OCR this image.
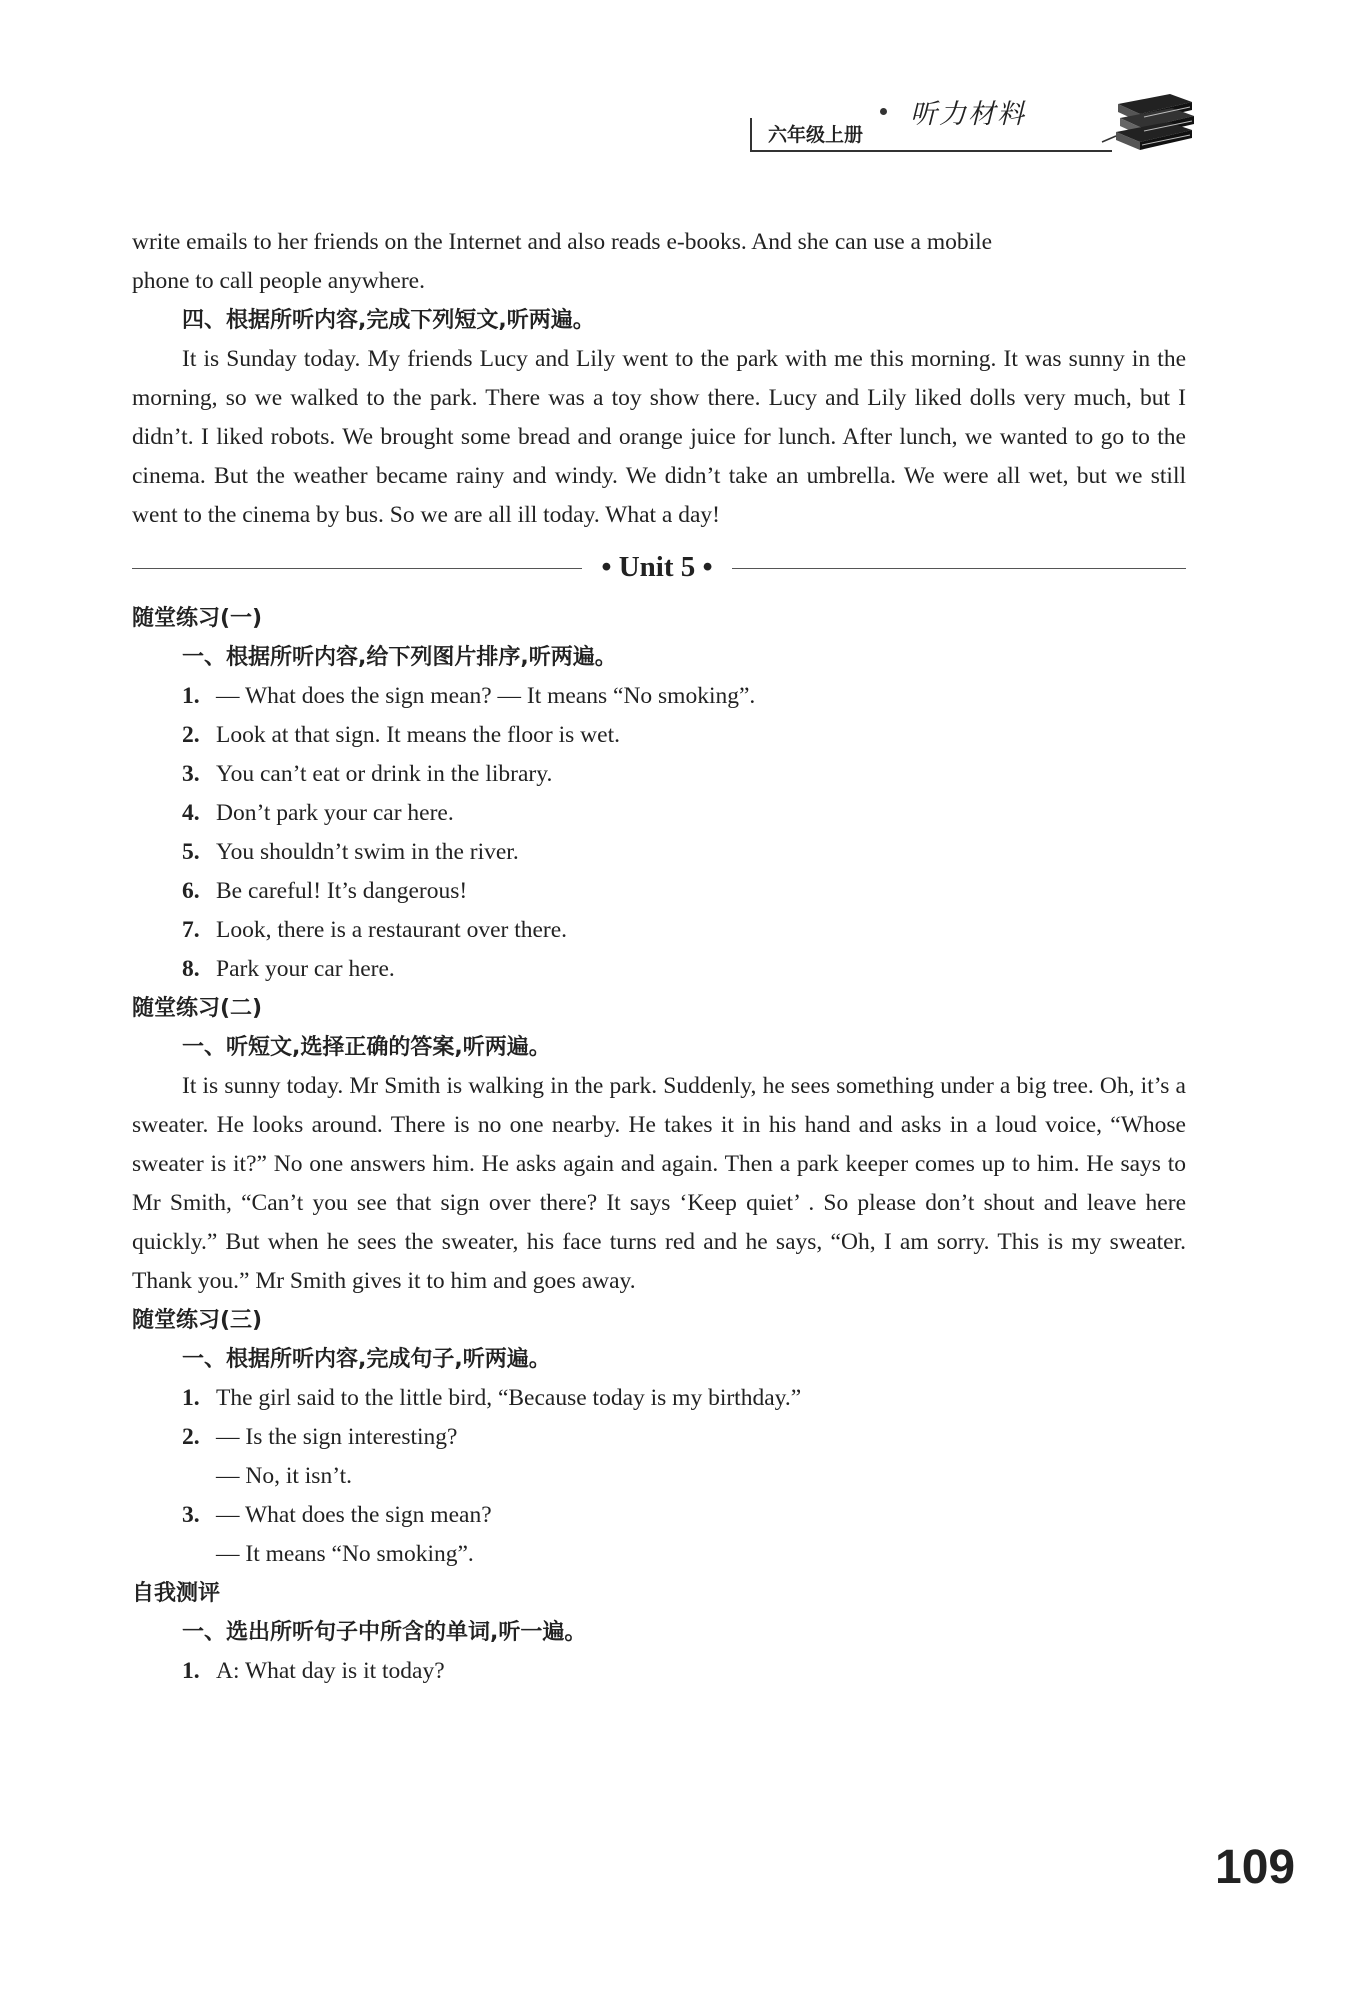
六年级上册
听力材料

write emails to her friends on the Internet and also reads e-books. And she can use a mobile

phone to call people anywhere.

四、根据所听内容,完成下列短文,听两遍。

It is Sunday today. My friends Lucy and Lily went to the park with me this morning. It was sunny in the morning, so we walked to the park. There was a toy show there. Lucy and Lily liked dolls very much, but I didn’t. I liked robots. We brought some bread and orange juice for lunch. After lunch, we wanted to go to the cinema. But the weather became rainy and windy. We didn’t take an umbrella. We were all wet, but we still went to the cinema by bus. So we are all ill today. What a day!

• Unit 5 •
随堂练习(一)
一、根据所听内容,给下列图片排序,听两遍。
1. — What does the sign mean? — It means “No smoking”.
2. Look at that sign. It means the floor is wet.
3. You can’t eat or drink in the library.
4. Don’t park your car here.
5. You shouldn’t swim in the river.
6. Be careful! It’s dangerous!
7. Look, there is a restaurant over there.
8. Park your car here.
随堂练习(二)
一、听短文,选择正确的答案,听两遍。

It is sunny today. Mr Smith is walking in the park. Suddenly, he sees something under a big tree. Oh, it’s a sweater. He looks around. There is no one nearby. He takes it in his hand and asks in a loud voice, “Whose sweater is it?” No one answers him. He asks again and again. Then a park keeper comes up to him. He says to Mr Smith, “Can’t you see that sign over there? It says ‘Keep quiet’ . So please don’t shout and leave here quickly.” But when he sees the sweater, his face turns red and he says, “Oh, I am sorry. This is my sweater. Thank you.” Mr Smith gives it to him and goes away.

随堂练习(三)
一、根据所听内容,完成句子,听两遍。
1. The girl said to the little bird, “Because today is my birthday.”
2. — Is the sign interesting?
— No, it isn’t.
3. — What does the sign mean?
— It means “No smoking”.
自我测评
一、选出所听句子中所含的单词,听一遍。
1. A: What day is it today?
109
